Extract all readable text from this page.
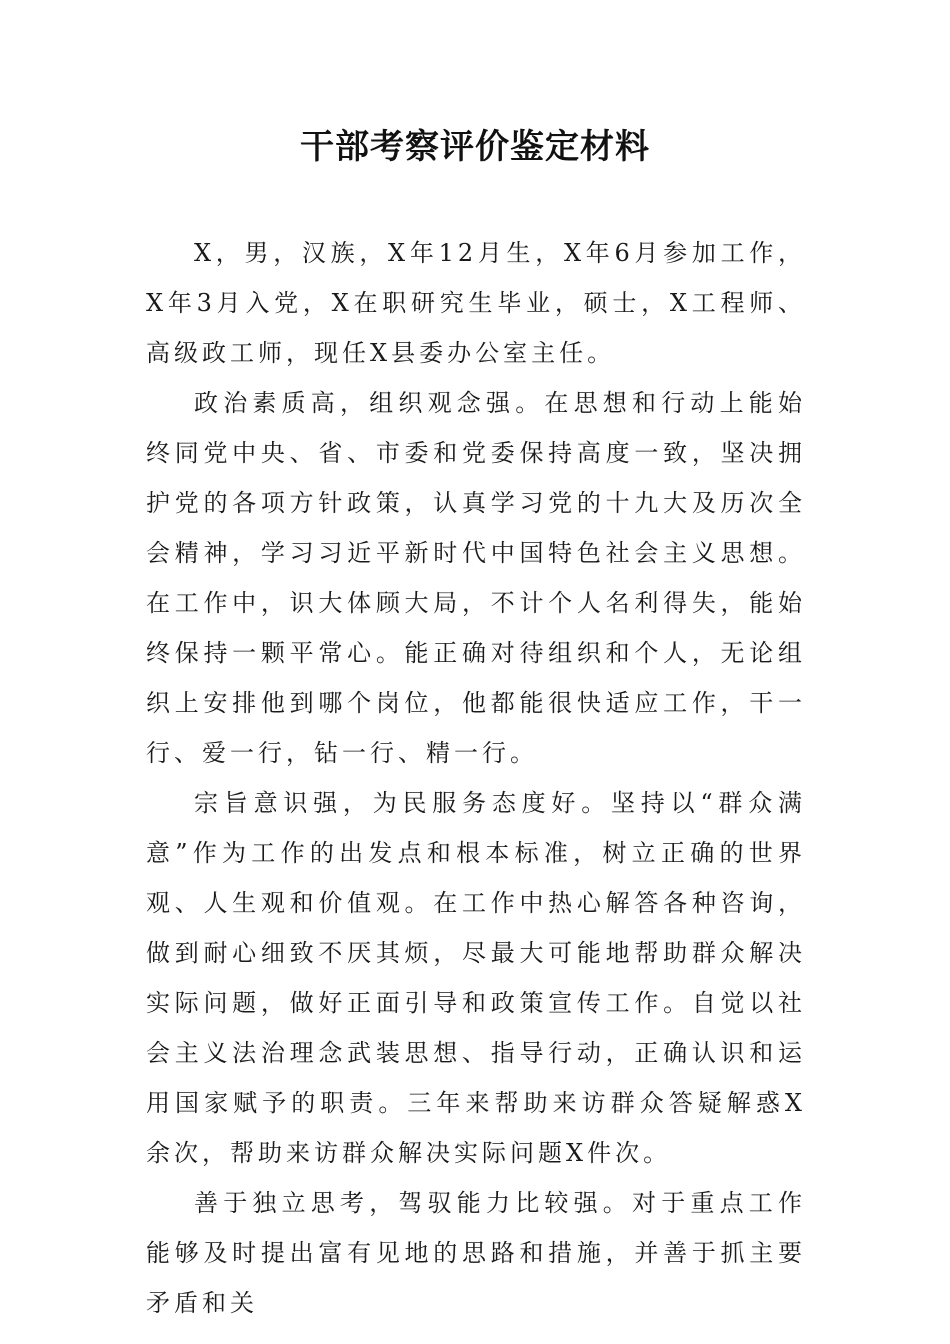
干部考察评价鉴定材料

X，男，汉族，X年12月生，X年6月参加工作，X年3月入党，X在职研究生毕业，硕士，X工程师、高级政工师，现任X县委办公室主任。

政治素质高，组织观念强。在思想和行动上能始终同党中央、省、市委和党委保持高度一致，坚决拥护党的各项方针政策，认真学习党的十九大及历次全会精神，学习习近平新时代中国特色社会主义思想。在工作中，识大体顾大局，不计个人名利得失，能始终保持一颗平常心。能正确对待组织和个人，无论组织上安排他到哪个岗位，他都能很快适应工作，干一行、爱一行，钻一行、精一行。

宗旨意识强，为民服务态度好。坚持以“群众满意”作为工作的出发点和根本标准，树立正确的世界观、人生观和价值观。在工作中热心解答各种咨询，做到耐心细致不厌其烦，尽最大可能地帮助群众解决实际问题，做好正面引导和政策宣传工作。自觉以社会主义法治理念武装思想、指导行动，正确认识和运用国家赋予的职责。三年来帮助来访群众答疑解惑X余次，帮助来访群众解决实际问题X件次。

善于独立思考，驾驭能力比较强。对于重点工作能够及时提出富有见地的思路和措施，并善于抓主要矛盾和关
